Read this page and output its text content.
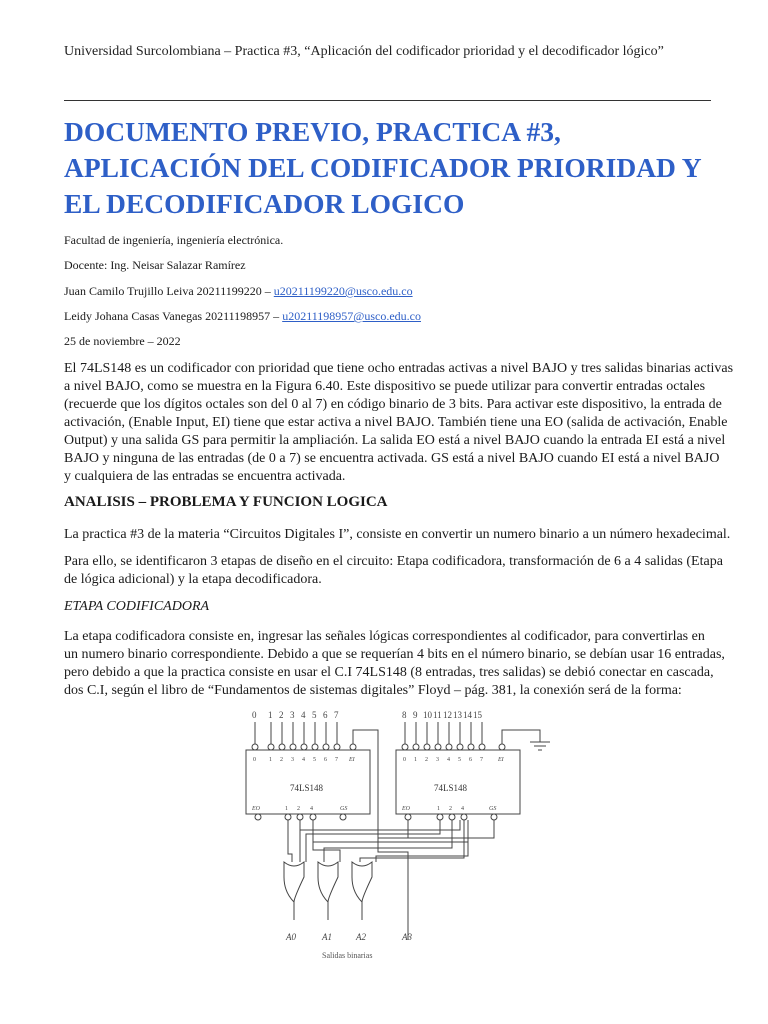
Universidad Surcolombiana – Practica #3, “Aplicación del codificador prioridad y el decodificador lógico”
DOCUMENTO PREVIO, PRACTICA #3,
APLICACIÓN DEL CODIFICADOR PRIORIDAD Y
EL DECODIFICADOR LOGICO
Facultad de ingeniería, ingeniería electrónica.
Docente: Ing. Neisar Salazar Ramírez
Juan Camilo Trujillo Leiva 20211199220 – u20211199220@usco.edu.co
Leidy Johana Casas Vanegas 20211198957 – u20211198957@usco.edu.co
25 de noviembre – 2022
El 74LS148 es un codificador con prioridad que tiene ocho entradas activas a nivel BAJO y tres salidas binarias activas
a nivel BAJO, como se muestra en la Figura 6.40. Este dispositivo se puede utilizar para convertir entradas octales
(recuerde que los dígitos octales son del 0 al 7) en código binario de 3 bits. Para activar este dispositivo, la entrada de
activación, (Enable Input, EI) tiene que estar activa a nivel BAJO. También tiene una EO (salida de activación, Enable
Output) y una salida GS para permitir la ampliación. La salida EO está a nivel BAJO cuando la entrada EI está a nivel
BAJO y ninguna de las entradas (de 0 a 7) se encuentra activada. GS está a nivel BAJO cuando EI está a nivel BAJO
y cualquiera de las entradas se encuentra activada.
ANALISIS – PROBLEMA Y FUNCION LOGICA
La practica #3 de la materia “Circuitos Digitales I”, consiste en convertir un numero binario a un número hexadecimal.
Para ello, se identificaron 3 etapas de diseño en el circuito: Etapa codificadora, transformación de 6 a 4 salidas (Etapa
de lógica adicional) y la etapa decodificadora.
ETAPA CODIFICADORA
La etapa codificadora consiste en, ingresar las señales lógicas correspondientes al codificador, para convertirlas en
un numero binario correspondiente. Debido a que se requerían 4 bits en el número binario, se debían usar 16 entradas,
pero debido a que la practica consiste en usar el C.I 74LS148 (8 entradas, tres salidas) se debió conectar en cascada,
dos C.I, según el libro de “Fundamentos de sistemas digitales” Floyd – pág. 381, la conexión será de la forma:
0 1 2 3 4 5 6 7	8 9 10 11 12 13 14 15
0 1 2 3 4 5 6 7 EI	0 1 2 3 4 5 6 7	EI
EO	1 2 4	GS	EO	1 2 4	GS
74LS148	74LS148
A0	A1	A2	A3
Salidas binarias
